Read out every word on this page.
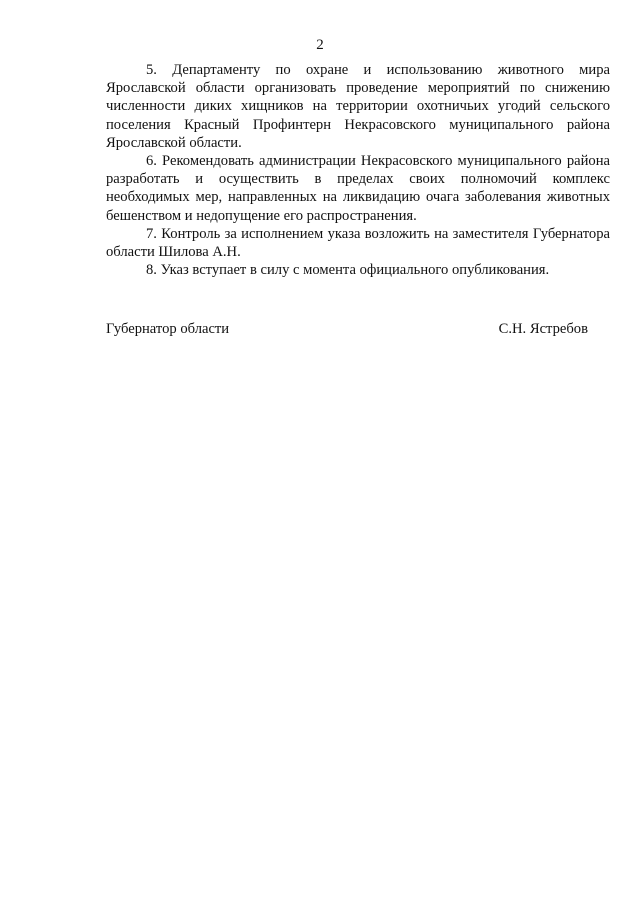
2

5. Департаменту по охране и использованию животного мира Ярославской области организовать проведение мероприятий по снижению численности диких хищников на территории охотничьих угодий сельского поселения Красный Профинтерн Некрасовского муниципального района Ярославской области.

6. Рекомендовать администрации Некрасовского муниципального района разработать и осуществить в пределах своих полномочий комплекс необходимых мер, направленных на ликвидацию очага заболевания животных бешенством и недопущение его распространения.

7. Контроль за исполнением указа возложить на заместителя Губернатора области Шилова А.Н.

8. Указ вступает в силу с момента официального опубликования.

Губернатор области	С.Н. Ястребов
